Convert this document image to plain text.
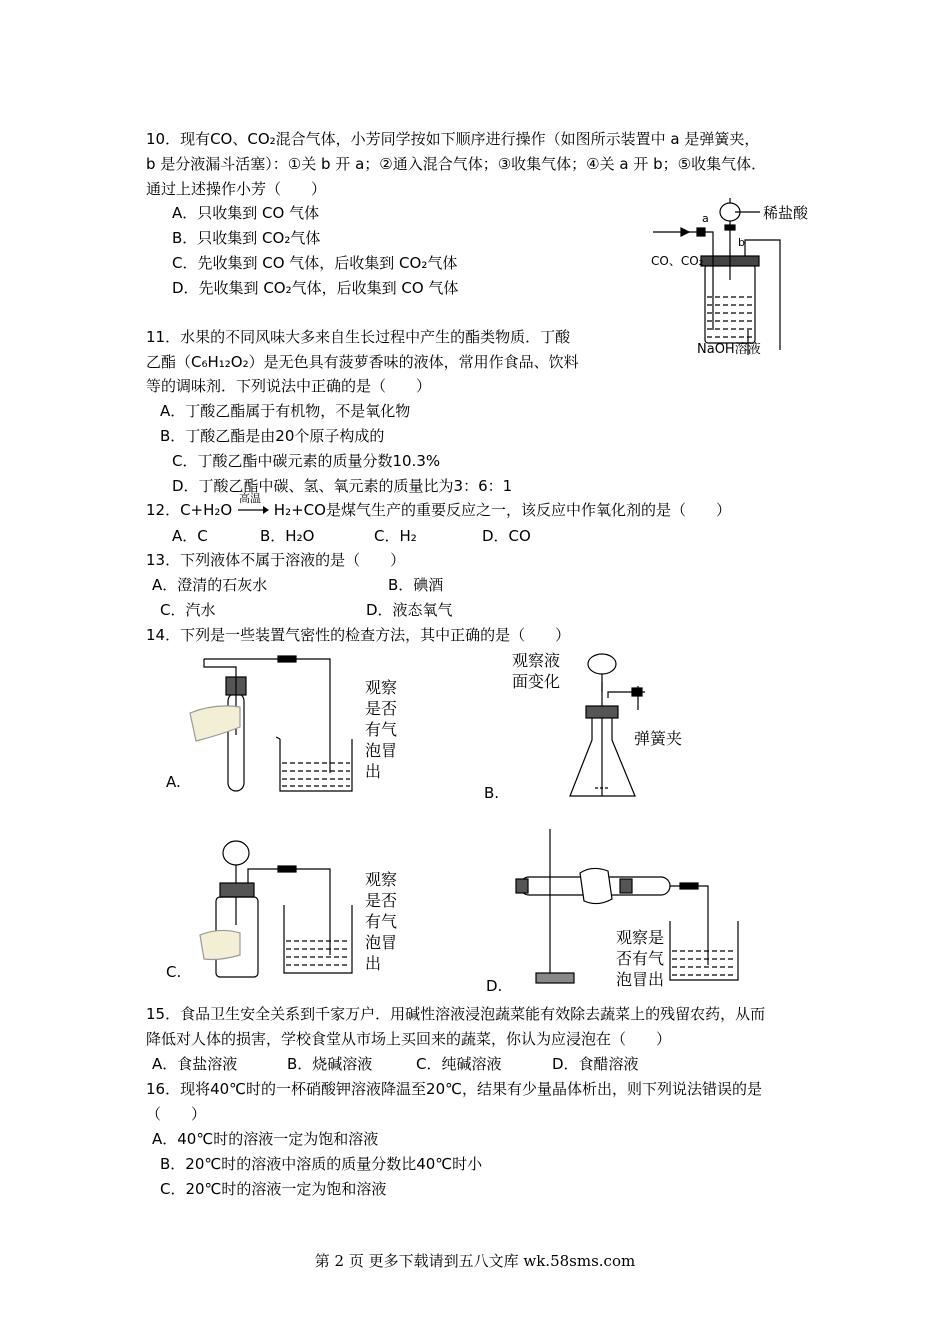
10．现有CO、CO₂混合气体，小芳同学按如下顺序进行操作（如图所示装置中 a 是弹簧夹，
b 是分液漏斗活塞）：①关 b 开 a；②通入混合气体；③收集气体；④关 a 开 b；⑤收集气体．
通过上述操作小芳（　　）
A．只收集到 CO 气体
B．只收集到 CO₂气体
C．先收集到 CO 气体，后收集到 CO₂气体
D．先收集到 CO₂气体，后收集到 CO 气体
稀盐酸
a
b
CO、CO₂
NaOH溶液
11．水果的不同风味大多来自生长过程中产生的酯类物质．丁酸
乙酯（C₆H₁₂O₂）是无色具有菠萝香味的液体，常用作食品、饮料
等的调味剂．下列说法中正确的是（　　）
A．丁酸乙酯属于有机物，不是氧化物
B．丁酸乙酯是由20个原子构成的
C．丁酸乙酯中碳元素的质量分数10.3%
D．丁酸乙酯中碳、氢、氧元素的质量比为3：6：1
12．C+H₂O
高温
H₂+CO是煤气生产的重要反应之一，该反应中作氧化剂的是（　　）
A．C	B．H₂O	C．H₂	D．CO
13．下列液体不属于溶液的是（　　）
A．澄清的石灰水	B．碘酒
C．汽水	D．液态氧气
14．下列是一些装置气密性的检查方法，其中正确的是（　　）
A.
观察
是否
有气
泡冒
出
B.
观察液
面变化
弹簧夹
C.
观察
是否
有气
泡冒
出
D.
观察是
否有气
泡冒出
15．食品卫生安全关系到千家万户．用碱性溶液浸泡蔬菜能有效除去蔬菜上的残留农药，从而
降低对人体的损害，学校食堂从市场上买回来的蔬菜，你认为应浸泡在（　　）
A．食盐溶液	B．烧碱溶液	C．纯碱溶液	D．食醋溶液
16．现将40℃时的一杯硝酸钾溶液降温至20℃，结果有少量晶体析出，则下列说法错误的是
（　　）
A．40℃时的溶液一定为饱和溶液
B．20℃时的溶液中溶质的质量分数比40℃时小
C．20℃时的溶液一定为饱和溶液
第 2 页 更多下载请到五八文库 wk.58sms.com
